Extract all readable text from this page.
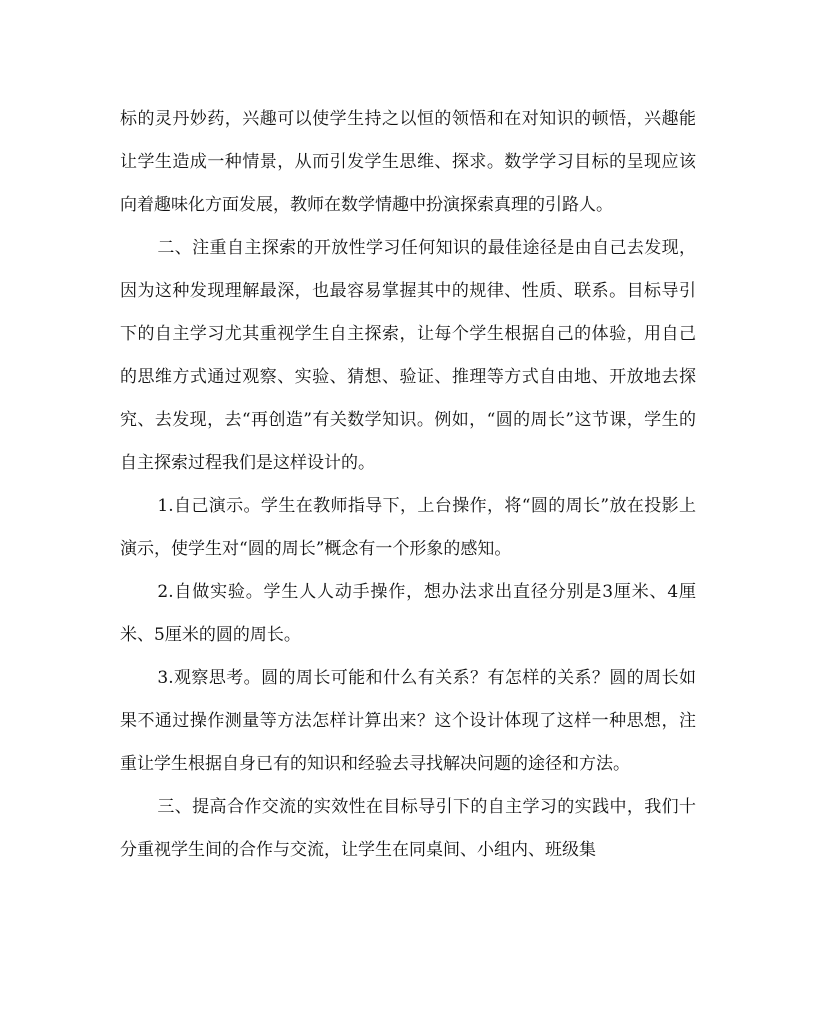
标的灵丹妙药，兴趣可以使学生持之以恒的领悟和在对知识的顿悟，兴趣能让学生造成一种情景，从而引发学生思维、探求。数学学习目标的呈现应该向着趣味化方面发展，教师在数学情趣中扮演探索真理的引路人。

二、注重自主探索的开放性学习任何知识的最佳途径是由自己去发现，因为这种发现理解最深，也最容易掌握其中的规律、性质、联系。目标导引下的自主学习尤其重视学生自主探索，让每个学生根据自己的体验，用自己的思维方式通过观察、实验、猜想、验证、推理等方式自由地、开放地去探究、去发现，去“再创造”有关数学知识。例如，“圆的周长”这节课，学生的自主探索过程我们是这样设计的。

1.自己演示。学生在教师指导下，上台操作，将“圆的周长”放在投影上演示，使学生对“圆的周长”概念有一个形象的感知。

2.自做实验。学生人人动手操作，想办法求出直径分别是3厘米、4厘米、5厘米的圆的周长。

3.观察思考。圆的周长可能和什么有关系？有怎样的关系？圆的周长如果不通过操作测量等方法怎样计算出来？这个设计体现了这样一种思想，注重让学生根据自身已有的知识和经验去寻找解决问题的途径和方法。

三、提高合作交流的实效性在目标导引下的自主学习的实践中，我们十分重视学生间的合作与交流，让学生在同桌间、小组内、班级集
